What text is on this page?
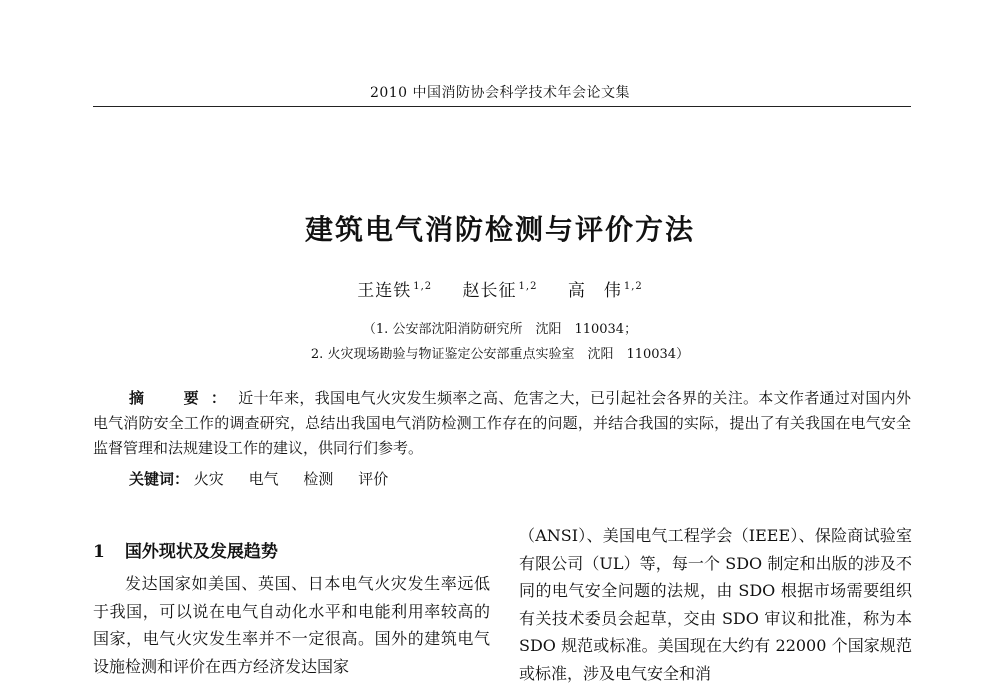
2010 中国消防协会科学技术年会论文集
建筑电气消防检测与评价方法
王连铁 $^{1,2}$ 赵长征 $^{1,2}$ 高　伟 $^{1,2}$
（1. 公安部沈阳消防研究所　沈阳　110034；
2. 火灾现场勘验与物证鉴定公安部重点实验室　沈阳　110034）
摘　要：近十年来，我国电气火灾发生频率之高、危害之大，已引起社会各界的关注。本文作者通过对国内外电气消防安全工作的调查研究，总结出我国电气消防检测工作存在的问题，并结合我国的实际，提出了有关我国在电气安全监督管理和法规建设工作的建议，供同行们参考。
关键词： 火灾 电气 检测 评价
1 国外现状及发展趋势
发达国家如美国、英国、日本电气火灾发生率远低于我国，可以说在电气自动化水平和电能利用率较高的国家，电气火灾发生率并不一定很高。国外的建筑电气设施检测和评价在西方经济发达国家
（ANSI）、美国电气工程学会（IEEE）、保险商试验室有限公司（UL）等，每一个 SDO 制定和出版的涉及不同的电气安全问题的法规，由 SDO 根据市场需要组织有关技术委员会起草，交由 SDO 审议和批准，称为本 SDO 规范或标准。美国现在大约有 22000 个国家规范或标准，涉及电气安全和消
